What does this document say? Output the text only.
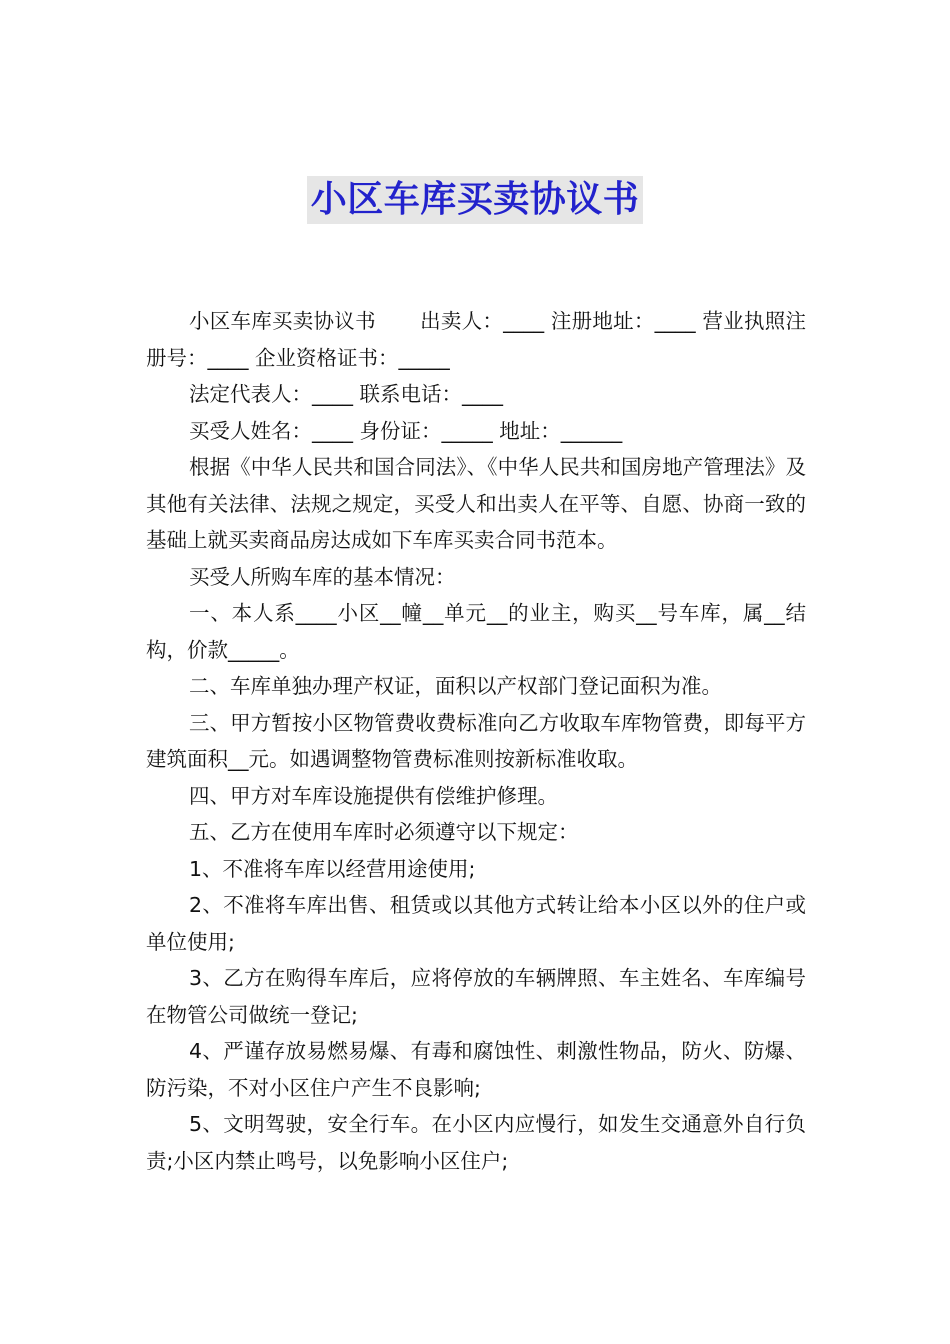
小区车库买卖协议书

小区车库买卖协议书 出卖人：____ 注册地址：____ 营业执照注册号：____ 企业资格证书：_____

法定代表人：____ 联系电话：____

买受人姓名：____ 身份证：_____ 地址：______

根据《中华人民共和国合同法》、《中华人民共和国房地产管理法》及其他有关法律、法规之规定，买受人和出卖人在平等、自愿、协商一致的基础上就买卖商品房达成如下车库买卖合同书范本。

买受人所购车库的基本情况：

一、本人系____小区__幢__单元__的业主，购买__号车库，属__结构，价款_____。

二、车库单独办理产权证，面积以产权部门登记面积为准。

三、甲方暂按小区物管费收费标准向乙方收取车库物管费，即每平方建筑面积__元。如遇调整物管费标准则按新标准收取。

四、甲方对车库设施提供有偿维护修理。

五、乙方在使用车库时必须遵守以下规定：

1、不准将车库以经营用途使用;

2、不准将车库出售、租赁或以其他方式转让给本小区以外的住户或单位使用;

3、乙方在购得车库后，应将停放的车辆牌照、车主姓名、车库编号在物管公司做统一登记;

4、严谨存放易燃易爆、有毒和腐蚀性、刺激性物品，防火、防爆、防污染，不对小区住户产生不良影响;

5、文明驾驶，安全行车。在小区内应慢行，如发生交通意外自行负责;小区内禁止鸣号，以免影响小区住户;
